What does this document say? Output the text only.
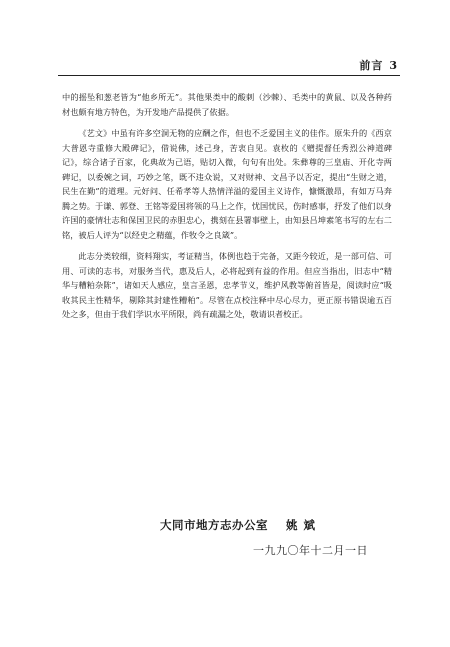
前言 3

中的摇坠和葱老皆为“他乡所无”。其他果类中的酸刺（沙棘）、毛类中的黄鼠、以及各种药材也颇有地方特色，为开发地产品提供了依据。

《艺文》中虽有许多空洞无物的应酬之作，但也不乏爱国主义的佳作。原朱升的《西京大普恩寺重修大殿碑记》，借说佛，述己身，苦衷自见。袁枚的《赠提督任秀烈公神道碑记》，综合诸子百家，化典故为己语，贴切入微，句句有出处。朱彝尊的三皇庙、开化寺两碑记，以委婉之词，巧妙之笔，既不违众说，又对财神、文昌予以否定，提出“生财之道，民生在勤”的道理。元好问、任希孝等人热情洋溢的爱国主义诗作，慷慨激昂，有如万马奔腾之势。于谦、郭登、王铭等爱国将领的马上之作，忧国忧民，伤时感事，抒发了他们以身许国的豪情壮志和保国卫民的赤胆忠心，携刻在县署事壁上，由知县吕坤素笔书写的左右二铭，被后人评为“以经史之精蕴，作牧令之良箴”。

此志分类较细，资料翔实，考证精当，体例也趋于完备，又距今较近，是一部可信、可用、可读的志书，对服务当代，惠及后人，必将起到有益的作用。但应当指出，旧志中“精华与糟粕杂陈”，诸如天人感应，皇言圣恩，忠孝节义，维护风教等俯首皆是，阅读时应“吸收其民主性精华，剔除其封建性糟粕”。尽管在点校注释中尽心尽力，更正原书错误逾五百处之多，但由于我们学识水平所限，尚有疏漏之处，敬请识者校正。

大同市地方志办公室 姚斌
一九九〇年十二月一日
